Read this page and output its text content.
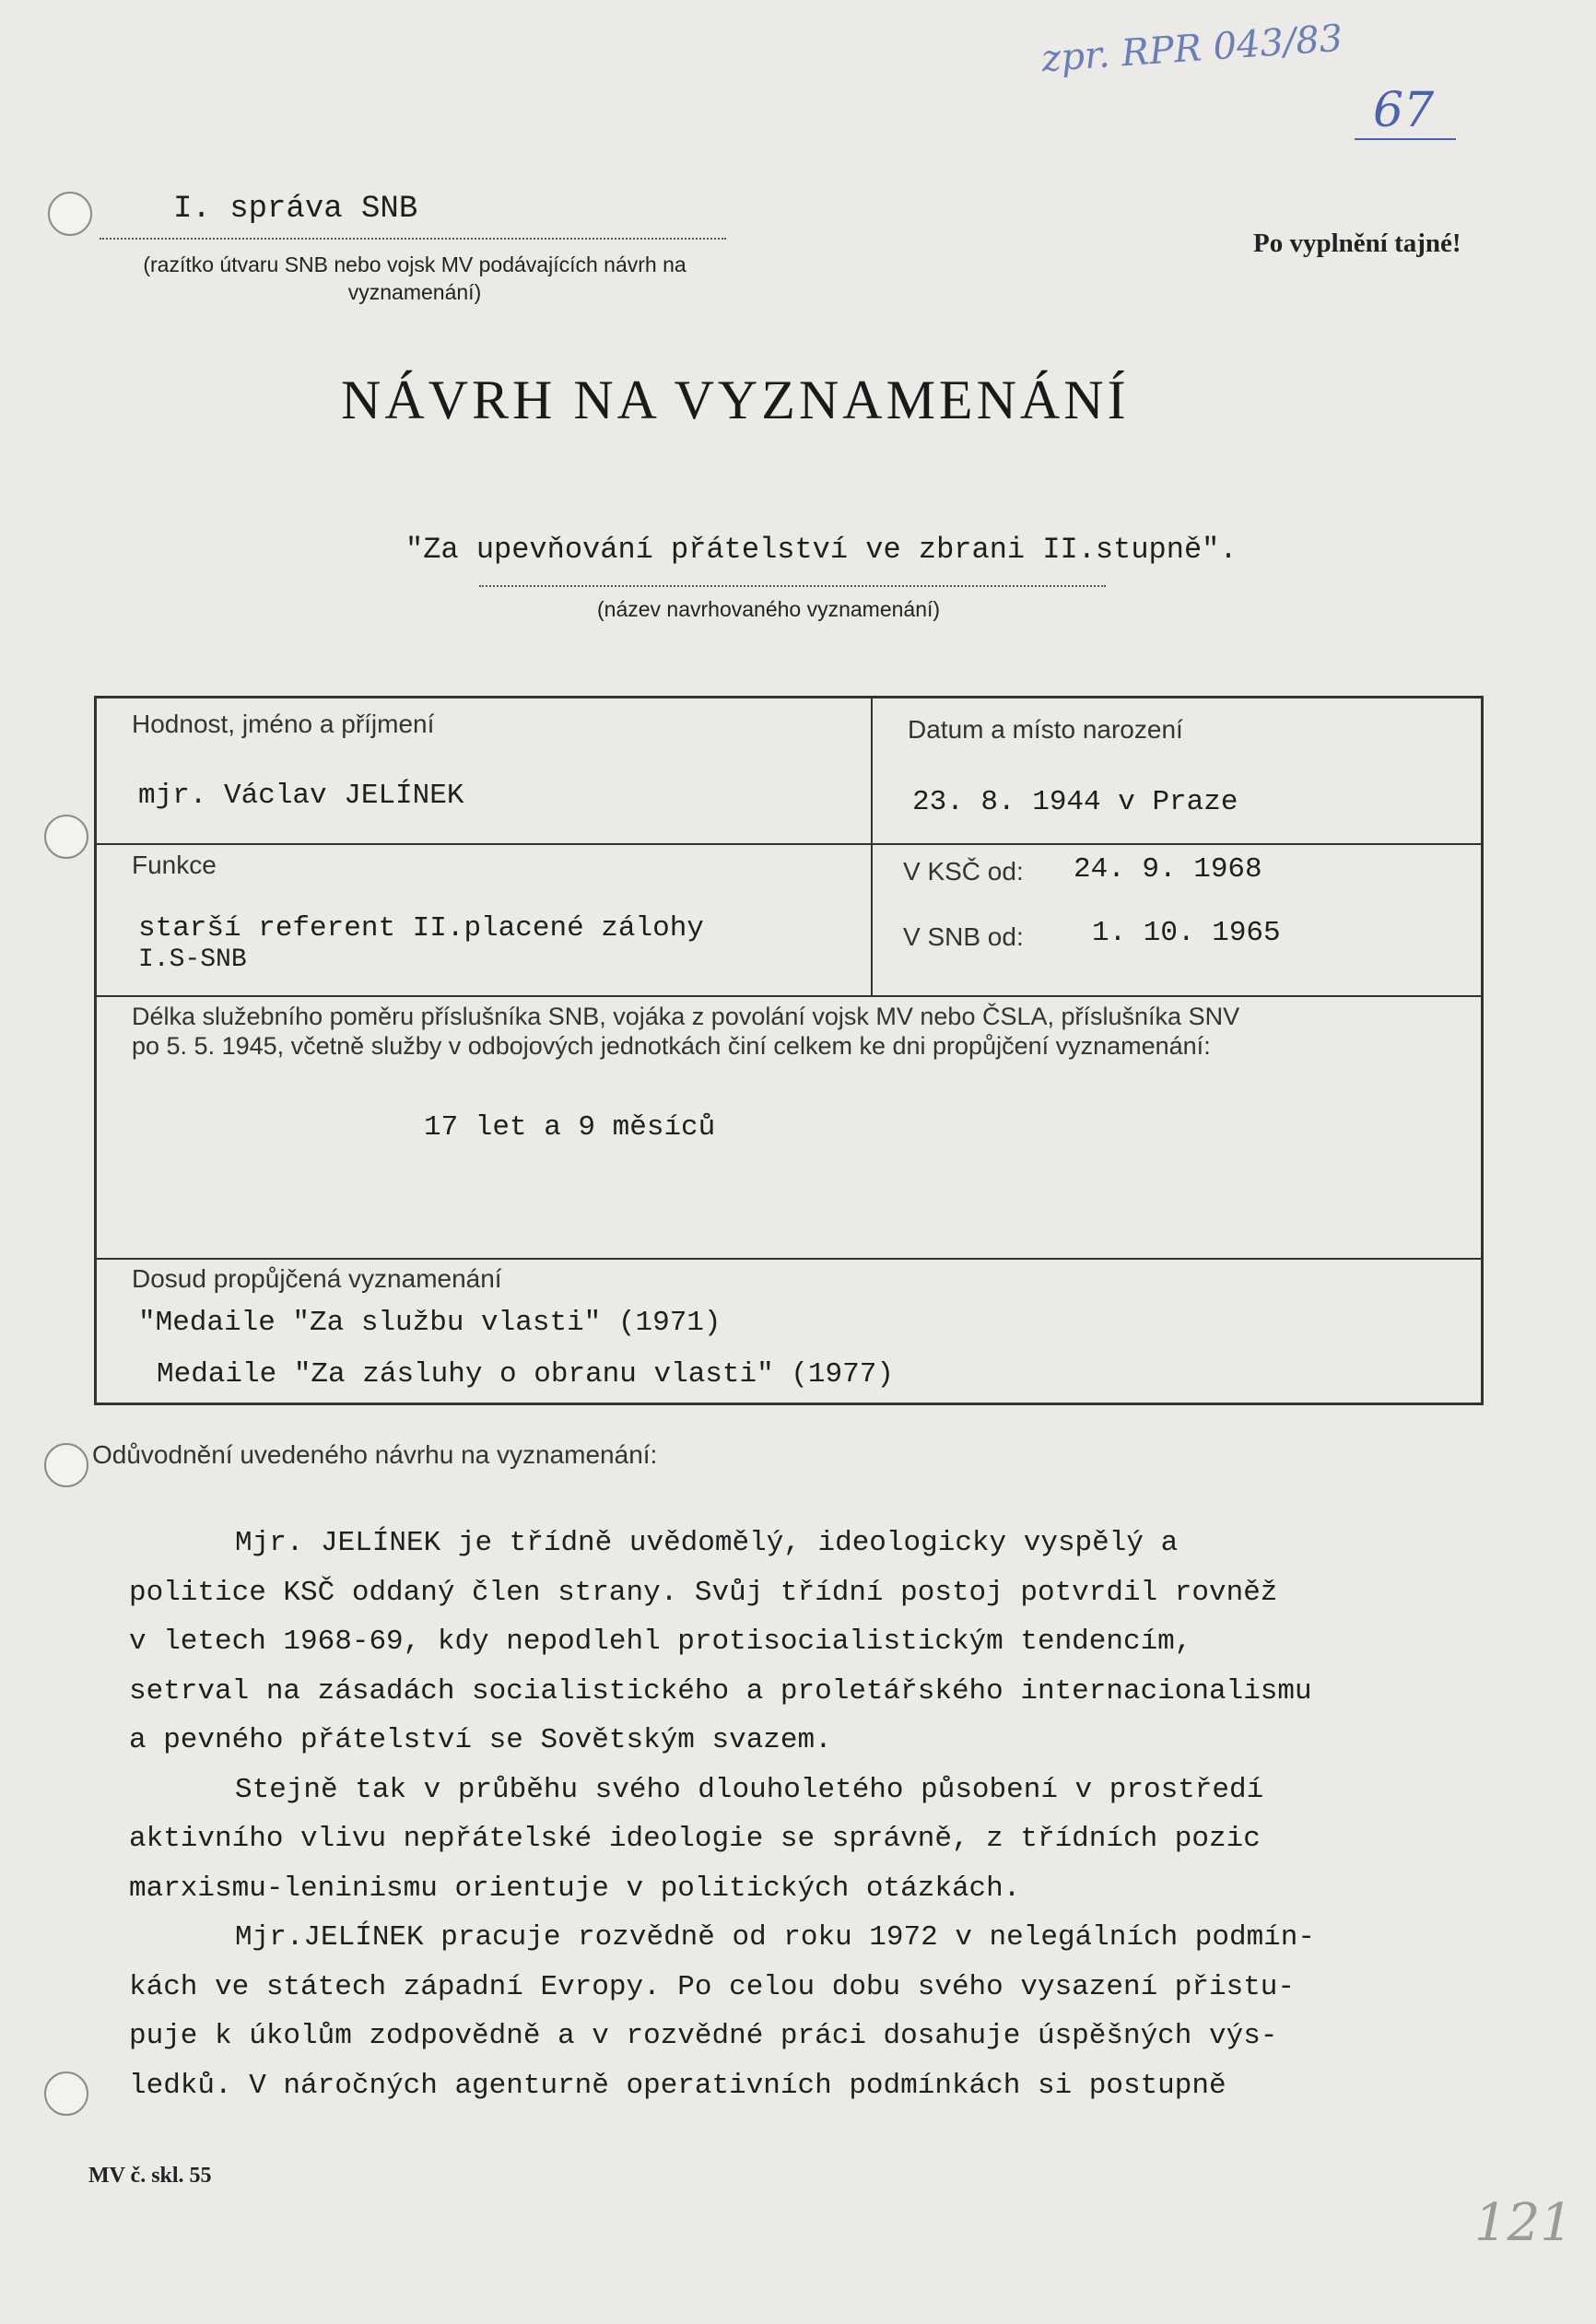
zpr. RPR 043/83
67
I. správa SNB
(razítko útvaru SNB nebo vojsk MV podávajících návrh na vyznamenání)
Po vyplnění tajné!
NÁVRH NA VYZNAMENÁNÍ
"Za upevňování přátelství ve zbrani II.stupně".
(název navrhovaného vyznamenání)
Hodnost, jméno a příjmení
mjr. Václav JELÍNEK
Datum a místo narození
23. 8. 1944 v Praze
Funkce
starší referent II.placené zálohy
I.S-SNB
V KSČ od: 24. 9. 1968
V SNB od: 1. 10. 1965
Délka služebního poměru příslušníka SNB, vojáka z povolání vojsk MV nebo ČSLA, příslušníka SNV
po 5. 5. 1945, včetně služby v odbojových jednotkách činí celkem ke dni propůjčení vyznamenání:
17 let a 9 měsíců
Dosud propůjčená vyznamenání
"Medaile "Za službu vlasti" (1971)
Medaile "Za zásluhy o obranu vlasti" (1977)
Odůvodnění uvedeného návrhu na vyznamenání:

Mjr. JELÍNEK je třídně uvědomělý, ideologicky vyspělý a

politice KSČ oddaný člen strany. Svůj třídní postoj potvrdil rovněž

v letech 1968-69, kdy nepodlehl protisocialistickým tendencím,

setrval na zásadách socialistického a proletářského internacionalismu

a pevného přátelství se Sovětským svazem.

Stejně tak v průběhu svého dlouholetého působení v prostředí

aktivního vlivu nepřátelské ideologie se správně, z třídních pozic

marxismu-leninismu orientuje v politických otázkách.

Mjr.JELÍNEK pracuje rozvědně od roku 1972 v nelegálních podmín-

kách ve státech západní Evropy. Po celou dobu svého vysazení přistu-

puje k úkolům zodpovědně a v rozvědné práci dosahuje úspěšných výs-

ledků. V náročných agenturně operativních podmínkách si postupně

MV č. skl. 55
121
